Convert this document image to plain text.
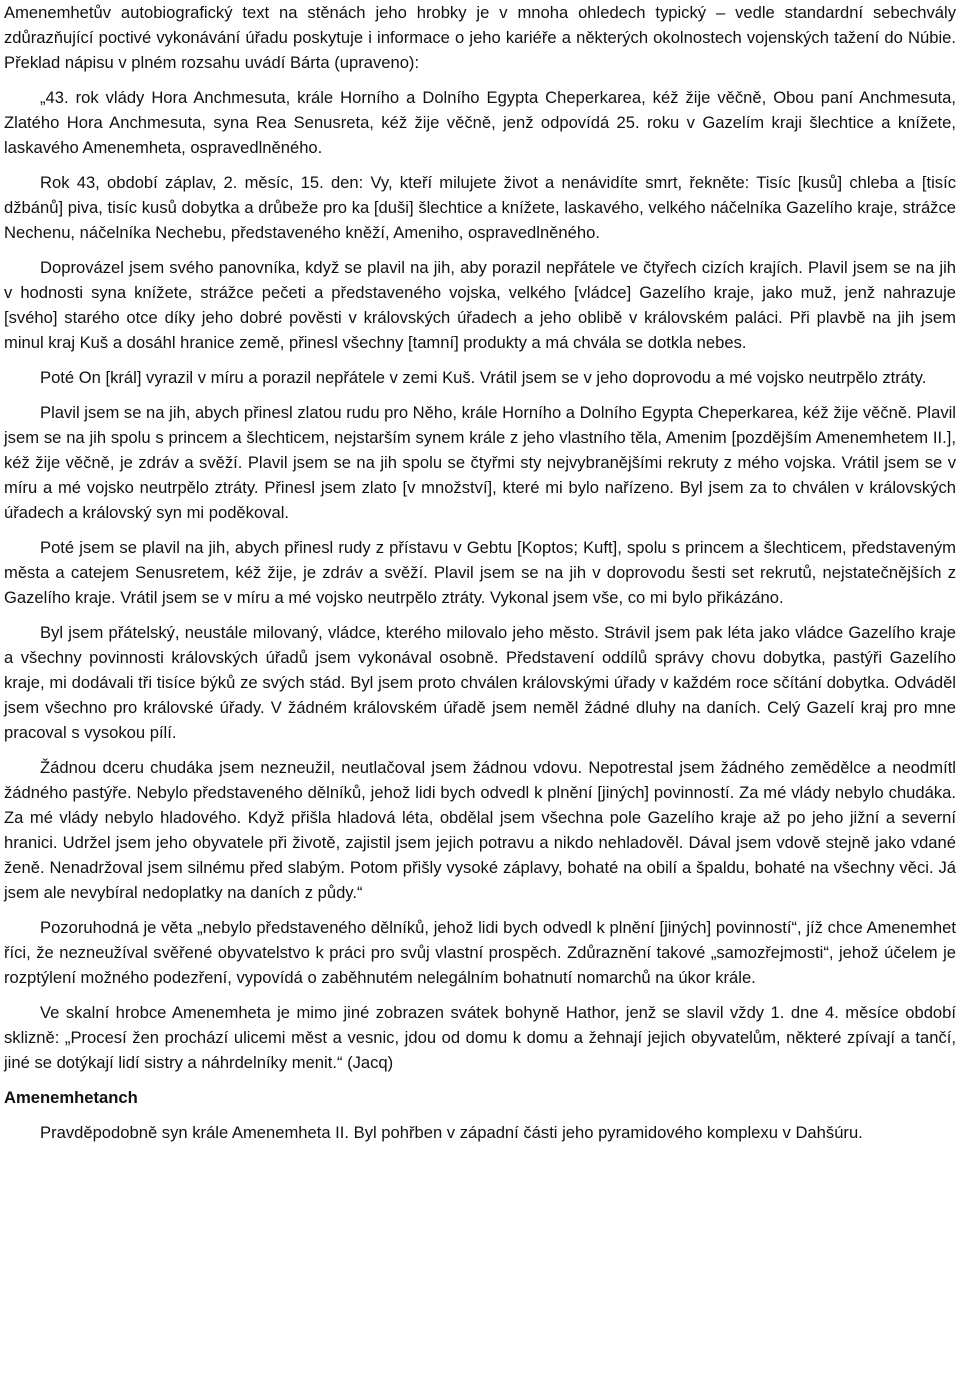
Amenemhetův autobiografický text na stěnách jeho hrobky je v mnoha ohledech typický – vedle standardní sebechvály zdůrazňující poctivé vykonávání úřadu poskytuje i informace o jeho kariéře a některých okolnostech vojenských tažení do Núbie. Překlad nápisu v plném rozsahu uvádí Bárta (upraveno):

„43. rok vlády Hora Anchmesuta, krále Horního a Dolního Egypta Cheperkarea, kéž žije věčně, Obou paní Anchmesuta, Zlatého Hora Anchmesuta, syna Rea Senusreta, kéž žije věčně, jenž odpovídá 25. roku v Gazelím kraji šlechtice a knížete, laskavého Amenemheta, ospravedlněného.

Rok 43, období záplav, 2. měsíc, 15. den: Vy, kteří milujete život a nenávidíte smrt, řekněte: Tisíc [kusů] chleba a [tisíc džbánů] piva, tisíc kusů dobytka a drůbeže pro ka [duši] šlechtice a knížete, laskavého, velkého náčelníka Gazelího kraje, strážce Nechenu, náčelníka Nechebu, představeného kněží, Ameniho, ospravedlněného.

Doprovázel jsem svého panovníka, když se plavil na jih, aby porazil nepřátele ve čtyřech cizích krajích. Plavil jsem se na jih v hodnosti syna knížete, strážce pečeti a představeného vojska, velkého [vládce] Gazelího kraje, jako muž, jenž nahrazuje [svého] starého otce díky jeho dobré pověsti v královských úřadech a jeho oblibě v královském paláci. Při plavbě na jih jsem minul kraj Kuš a dosáhl hranice země, přinesl všechny [tamní] produkty a má chvála se dotkla nebes.

Poté On [král] vyrazil v míru a porazil nepřátele v zemi Kuš. Vrátil jsem se v jeho doprovodu a mé vojsko neutrpělo ztráty.

Plavil jsem se na jih, abych přinesl zlatou rudu pro Něho, krále Horního a Dolního Egypta Cheperkarea, kéž žije věčně. Plavil jsem se na jih spolu s princem a šlechticem, nejstarším synem krále z jeho vlastního těla, Amenim [pozdějším Amenemhetem II.], kéž žije věčně, je zdráv a svěží. Plavil jsem se na jih spolu se čtyřmi sty nejvybranějšími rekruty z mého vojska. Vrátil jsem se v míru a mé vojsko neutrpělo ztráty. Přinesl jsem zlato [v množství], které mi bylo nařízeno. Byl jsem za to chválen v královských úřadech a královský syn mi poděkoval.

Poté jsem se plavil na jih, abych přinesl rudy z přístavu v Gebtu [Koptos; Kuft], spolu s princem a šlechticem, představeným města a catejem Senusretem, kéž žije, je zdráv a svěží. Plavil jsem se na jih v doprovodu šesti set rekrutů, nejstatečnějších z Gazelího kraje. Vrátil jsem se v míru a mé vojsko neutrpělo ztráty. Vykonal jsem vše, co mi bylo přikázáno.

Byl jsem přátelský, neustále milovaný, vládce, kterého milovalo jeho město. Strávil jsem pak léta jako vládce Gazelího kraje a všechny povinnosti královských úřadů jsem vykonával osobně. Představení oddílů správy chovu dobytka, pastýři Gazelího kraje, mi dodávali tři tisíce býků ze svých stád. Byl jsem proto chválen královskými úřady v každém roce sčítání dobytka. Odváděl jsem všechno pro královské úřady. V žádném královském úřadě jsem neměl žádné dluhy na daních. Celý Gazelí kraj pro mne pracoval s vysokou pílí.

Žádnou dceru chudáka jsem nezneužil, neutlačoval jsem žádnou vdovu. Nepotrestal jsem žádného zemědělce a neodmítl žádného pastýře. Nebylo představeného dělníků, jehož lidi bych odvedl k plnění [jiných] povinností. Za mé vlády nebylo chudáka. Za mé vlády nebylo hladového. Když přišla hladová léta, obdělal jsem všechna pole Gazelího kraje až po jeho jižní a severní hranici. Udržel jsem jeho obyvatele při životě, zajistil jsem jejich potravu a nikdo nehladověl. Dával jsem vdově stejně jako vdané ženě. Nenadržoval jsem silnému před slabým. Potom přišly vysoké záplavy, bohaté na obilí a špaldu, bohaté na všechny věci. Já jsem ale nevybíral nedoplatky na daních z půdy.“

Pozoruhodná je věta „nebylo představeného dělníků, jehož lidi bych odvedl k plnění [jiných] povinností“, jíž chce Amenemhet říci, že nezneužíval svěřené obyvatelstvo k práci pro svůj vlastní prospěch. Zdůraznění takové „samozřejmosti“, jehož účelem je rozptýlení možného podezření, vypovídá o zaběhnutém nelegálním bohatnutí nomarchů na úkor krále.

Ve skalní hrobce Amenemheta je mimo jiné zobrazen svátek bohyně Hathor, jenž se slavil vždy 1. dne 4. měsíce období sklizně: „Procesí žen prochází ulicemi měst a vesnic, jdou od domu k domu a žehnají jejich obyvatelům, některé zpívají a tančí, jiné se dotýkají lidí sistry a náhrdelníky menit.“ (Jacq)

Amenemhetanch

Pravděpodobně syn krále Amenemheta II. Byl pohřben v západní části jeho pyramidového komplexu v Dahšúru.
